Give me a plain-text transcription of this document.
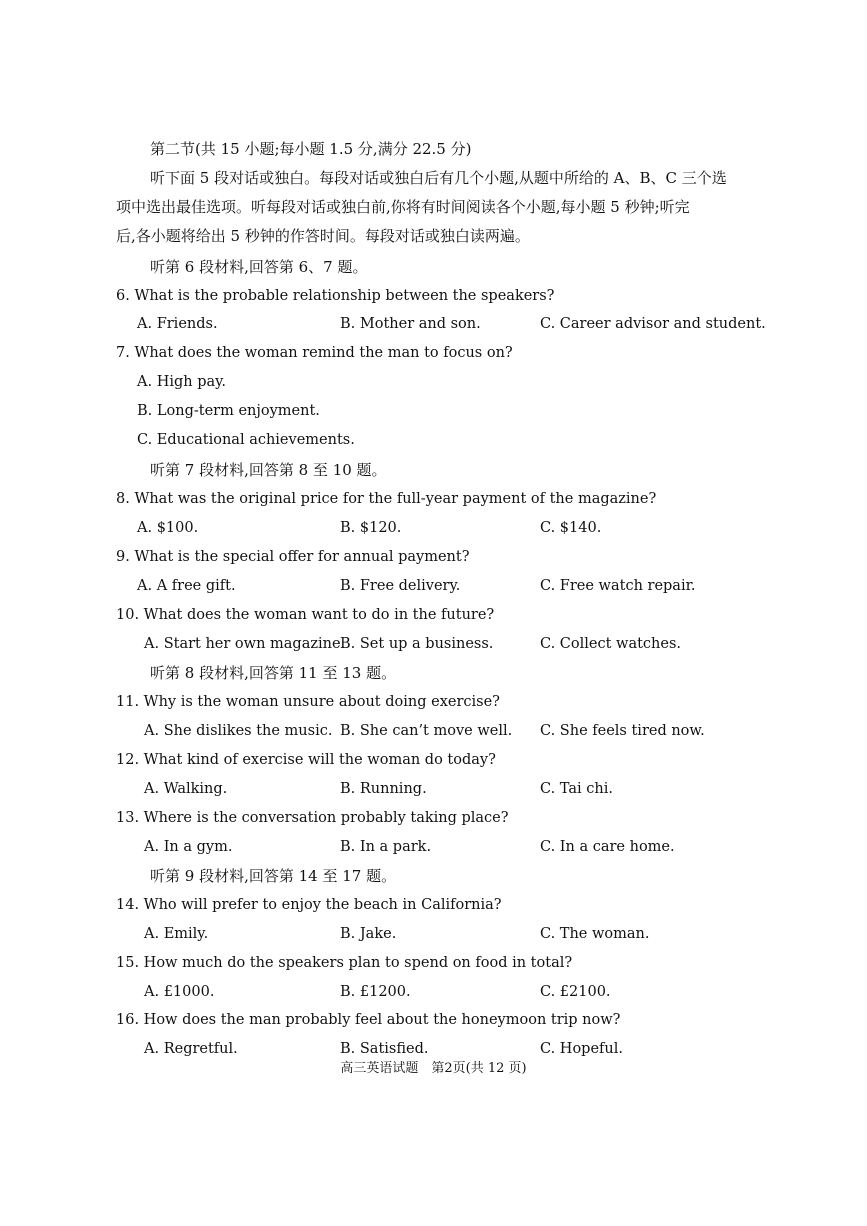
第二节(共 15 小题;每小题 1.5 分,满分 22.5 分)
听下面 5 段对话或独白。每段对话或独白后有几个小题,从题中所给的 A、B、C 三个选
项中选出最佳选项。听每段对话或独白前,你将有时间阅读各个小题,每小题 5 秒钟;听完
后,各小题将给出 5 秒钟的作答时间。每段对话或独白读两遍。
听第 6 段材料,回答第 6、7 题。
6. What is the probable relationship between the speakers?
A. Friends.	B. Mother and son.	C. Career advisor and student.
7. What does the woman remind the man to focus on?
A. High pay.
B. Long-term enjoyment.
C. Educational achievements.
听第 7 段材料,回答第 8 至 10 题。
8. What was the original price for the full-year payment of the magazine?
A. $100.	B. $120.	C. $140.
9. What is the special offer for annual payment?
A. A free gift.	B. Free delivery.	C. Free watch repair.
10. What does the woman want to do in the future?
A. Start her own magazine.
B. Set up a business.	C. Collect watches.
听第 8 段材料,回答第 11 至 13 题。
11. Why is the woman unsure about doing exercise?
A. She dislikes the music. B. She can’t move well. C. She feels tired now.
12. What kind of exercise will the woman do today?
A. Walking.	B. Running.	C. Tai chi.
13. Where is the conversation probably taking place?
A. In a gym.	B. In a park.	C. In a care home.
听第 9 段材料,回答第 14 至 17 题。
14. Who will prefer to enjoy the beach in California?
A. Emily.	B. Jake.	C. The woman.
15. How much do the speakers plan to spend on food in total?
A. £1000.	B. £1200.	C. £2100.
16. How does the man probably feel about the honeymoon trip now?
A. Regretful.	B. Satisfied.	C. Hopeful.
高三英语试题　第2页(共 12 页)
